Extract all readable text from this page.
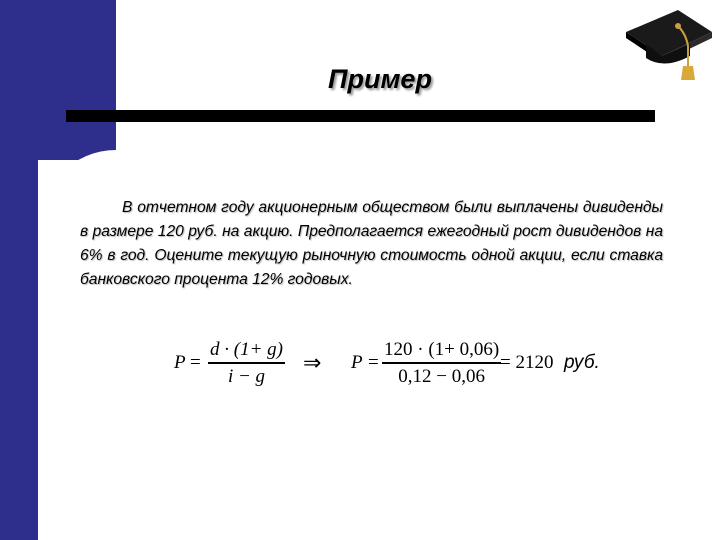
Пример
В отчетном году акционерным обществом были выплачены дивиденды в размере 120 руб. на акцию. Предполагается ежегодный рост дивидендов на 6% в год. Оцените текущую рыночную стоимость одной акции, если ставка банковского процента 12% годовых.
P =
d · (1+ g)
i − g
⇒ P =
120 · (1+ 0,06)
0,12 − 0,06
= 2120 руб.
